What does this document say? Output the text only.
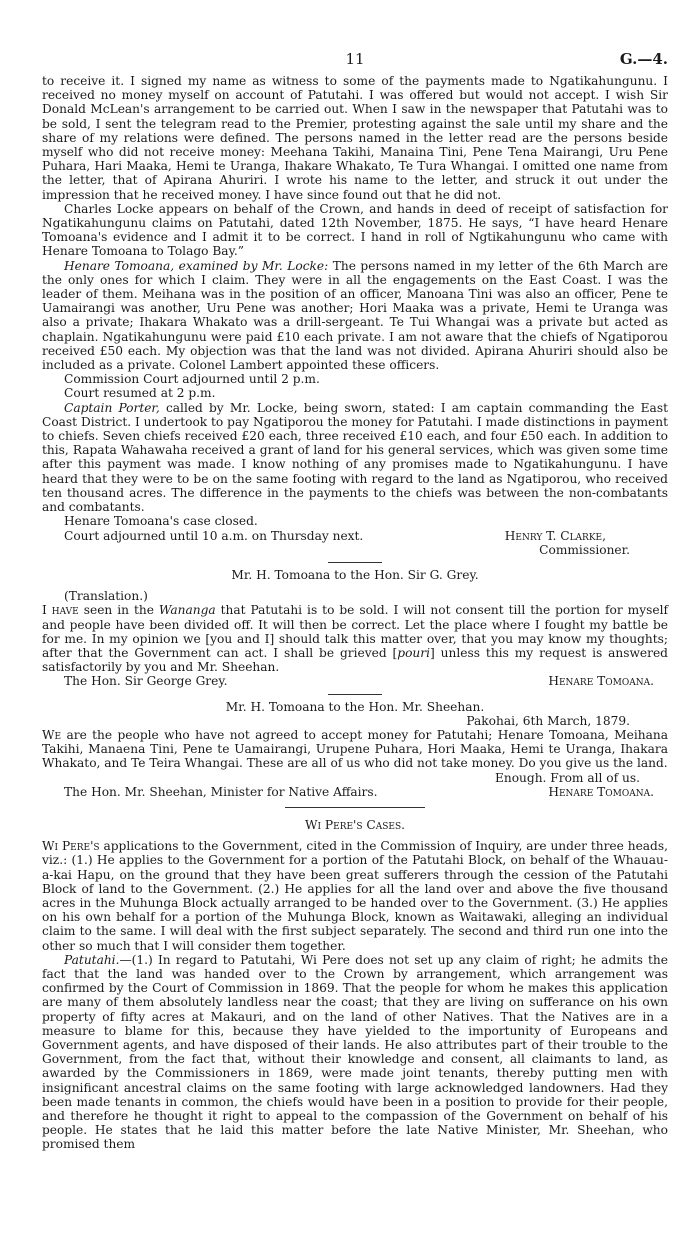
11	G.—4.

to receive it. I signed my name as witness to some of the payments made to Ngatikahungunu. I received no money myself on account of Patutahi. I was offered but would not accept. I wish Sir Donald McLean's arrangement to be carried out. When I saw in the newspaper that Patutahi was to be sold, I sent the telegram read to the Premier, protesting against the sale until my share and the share of my relations were defined. The persons named in the letter read are the persons beside myself who did not receive money: Meehana Takihi, Manaina Tini, Pene Tena Mairangi, Uru Pene Puhara, Hari Maaka, Hemi te Uranga, Ihakare Whakato, Te Tura Whangai. I omitted one name from the letter, that of Apirana Ahuriri. I wrote his name to the letter, and struck it out under the impression that he received money. I have since found out that he did not.

Charles Locke appears on behalf of the Crown, and hands in deed of receipt of satisfaction for Ngatikahungunu claims on Patutahi, dated 12th November, 1875. He says, “I have heard Henare Tomoana's evidence and I admit it to be correct. I hand in roll of Ngtikahungunu who came with Henare Tomoana to Tolago Bay.”

Henare Tomoana, examined by Mr. Locke: The persons named in my letter of the 6th March are the only ones for which I claim. They were in all the engagements on the East Coast. I was the leader of them. Meihana was in the position of an officer, Manoana Tini was also an officer, Pene te Uamairangi was another, Uru Pene was another; Hori Maaka was a private, Hemi te Uranga was also a private; Ihakara Whakato was a drill-sergeant. Te Tui Whangai was a private but acted as chaplain. Ngatikahungunu were paid £10 each private. I am not aware that the chiefs of Ngatiporou received £50 each. My objection was that the land was not divided. Apirana Ahuriri should also be included as a private. Colonel Lambert appointed these officers.

Commission Court adjourned until 2 p.m.

Court resumed at 2 p.m.

Captain Porter, called by Mr. Locke, being sworn, stated: I am captain commanding the East Coast District. I undertook to pay Ngatiporou the money for Patutahi. I made distinctions in payment to chiefs. Seven chiefs received £20 each, three received £10 each, and four £50 each. In addition to this, Rapata Wahawaha received a grant of land for his general services, which was given some time after this payment was made. I know nothing of any promises made to Ngatikahungunu. I have heard that they were to be on the same footing with regard to the land as Ngatiporou, who received ten thousand acres. The difference in the payments to the chiefs was between the non-combatants and combatants.

Henare Tomoana's case closed.

Court adjourned until 10 a.m. on Thursday next.	Henry T. Clarke,
Commissioner.
Mr. H. Tomoana to the Hon. Sir G. Grey.

(Translation.)

I have seen in the Wananga that Patutahi is to be sold. I will not consent till the portion for myself and people have been divided off. It will then be correct. Let the place where I fought my battle be for me. In my opinion we [you and I] should talk this matter over, that you may know my thoughts; after that the Government can act. I shall be grieved [pouri] unless this my request is answered satisfactorily by you and Mr. Sheehan.

The Hon. Sir George Grey.	Henare Tomoana.
Mr. H. Tomoana to the Hon. Mr. Sheehan.
Pakohai, 6th March, 1879.

We are the people who have not agreed to accept money for Patutahi; Henare Tomoana, Meihana Takihi, Manaena Tini, Pene te Uamairangi, Urupene Puhara, Hori Maaka, Hemi te Uranga, Ihakara Whakato, and Te Teira Whangai. These are all of us who did not take money. Do you give us the land.

Enough. From all of us.
The Hon. Mr. Sheehan, Minister for Native Affairs.	Henare Tomoana.
Wi Pere's Cases.

Wi Pere's applications to the Government, cited in the Commission of Inquiry, are under three heads, viz.: (1.) He applies to the Government for a portion of the Patutahi Block, on behalf of the Whauau-a-kai Hapu, on the ground that they have been great sufferers through the cession of the Patutahi Block of land to the Government. (2.) He applies for all the land over and above the five thousand acres in the Muhunga Block actually arranged to be handed over to the Government. (3.) He applies on his own behalf for a portion of the Muhunga Block, known as Waitawaki, alleging an individual claim to the same. I will deal with the first subject separately. The second and third run one into the other so much that I will consider them together.

Patutahi.—(1.) In regard to Patutahi, Wi Pere does not set up any claim of right; he admits the fact that the land was handed over to the Crown by arrangement, which arrangement was confirmed by the Court of Commission in 1869. That the people for whom he makes this application are many of them absolutely landless near the coast; that they are living on sufferance on his own property of fifty acres at Makauri, and on the land of other Natives. That the Natives are in a measure to blame for this, because they have yielded to the importunity of Europeans and Government agents, and have disposed of their lands. He also attributes part of their trouble to the Government, from the fact that, without their knowledge and consent, all claimants to land, as awarded by the Commissioners in 1869, were made joint tenants, thereby putting men with insignificant ancestral claims on the same footing with large acknowledged landowners. Had they been made tenants in common, the chiefs would have been in a position to provide for their people, and therefore he thought it right to appeal to the compassion of the Government on behalf of his people. He states that he laid this matter before the late Native Minister, Mr. Sheehan, who promised them
